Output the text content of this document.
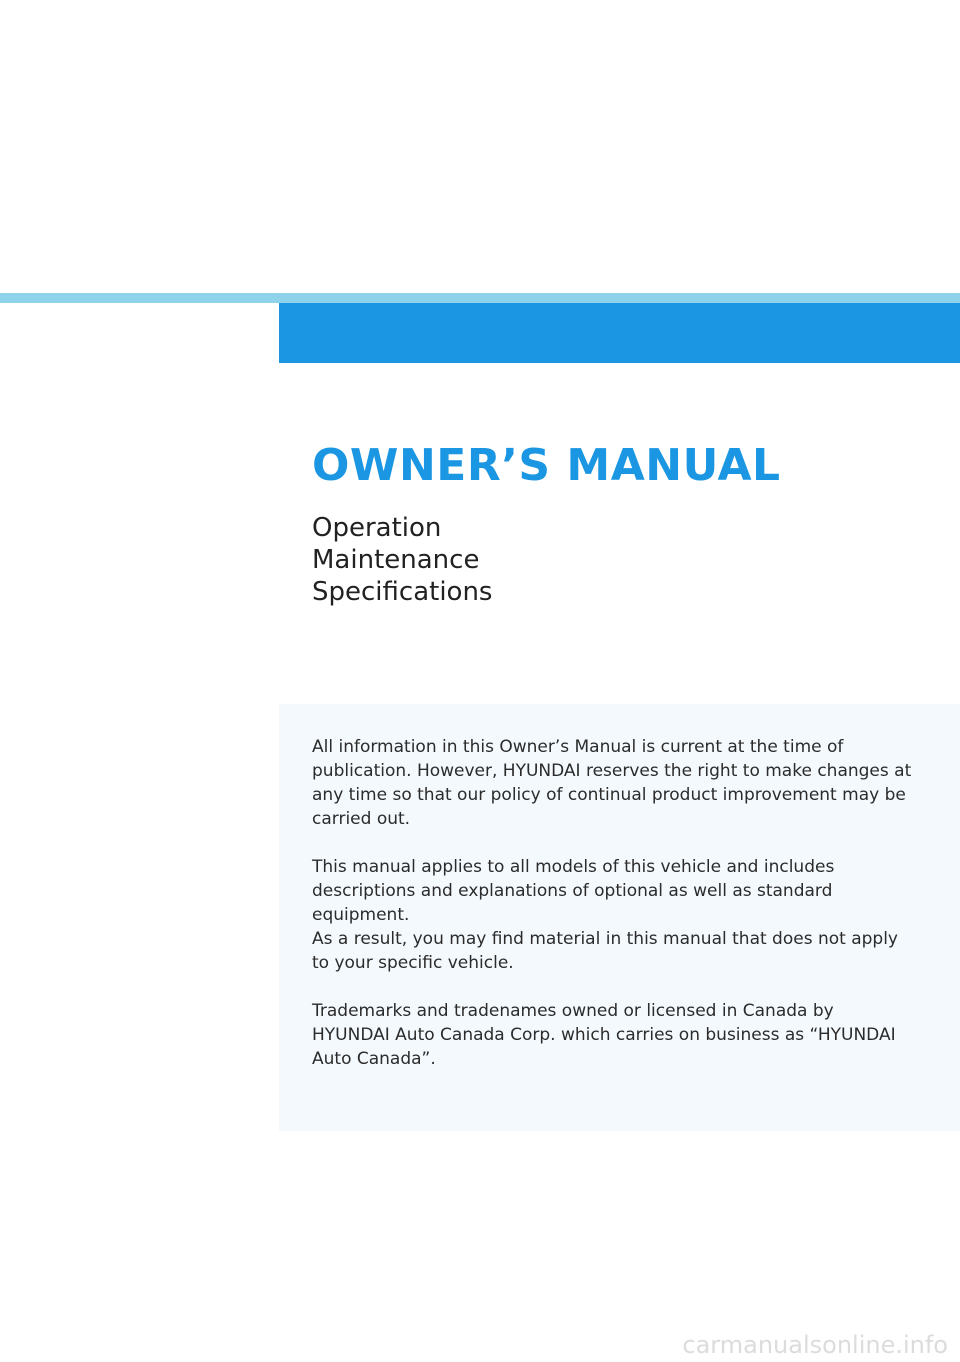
OWNER’S MANUAL
Operation
Maintenance
Specifications

All information in this Owner’s Manual is current at the time of publication. However, HYUNDAI reserves the right to make changes at any time so that our policy of continual product improvement may be carried out.

This manual applies to all models of this vehicle and includes descriptions and explanations of optional as well as standard equipment.

As a result, you may find material in this manual that does not apply to your specific vehicle.

Trademarks and tradenames owned or licensed in Canada by HYUNDAI Auto Canada Corp. which carries on business as “HYUNDAI Auto Canada”.

carmanualsonline.info
